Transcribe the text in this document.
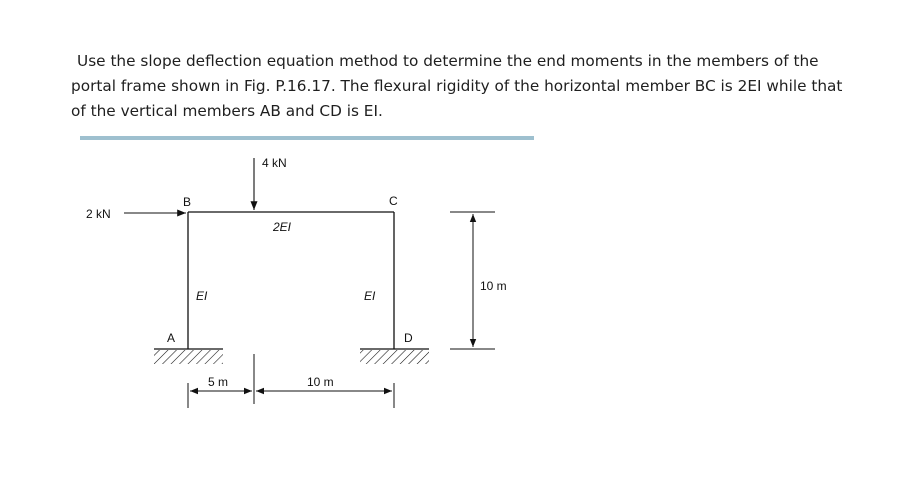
Use the slope deflection equation method to determine the end moments in the members of the portal frame shown in Fig. P.16.17. The flexural rigidity of the horizontal member BC is 2EI while that of the vertical members AB and CD is EI.

2 kN
4 kN
B	C
A	D
2EI
EI	EI
5 m	10 m
10 m
